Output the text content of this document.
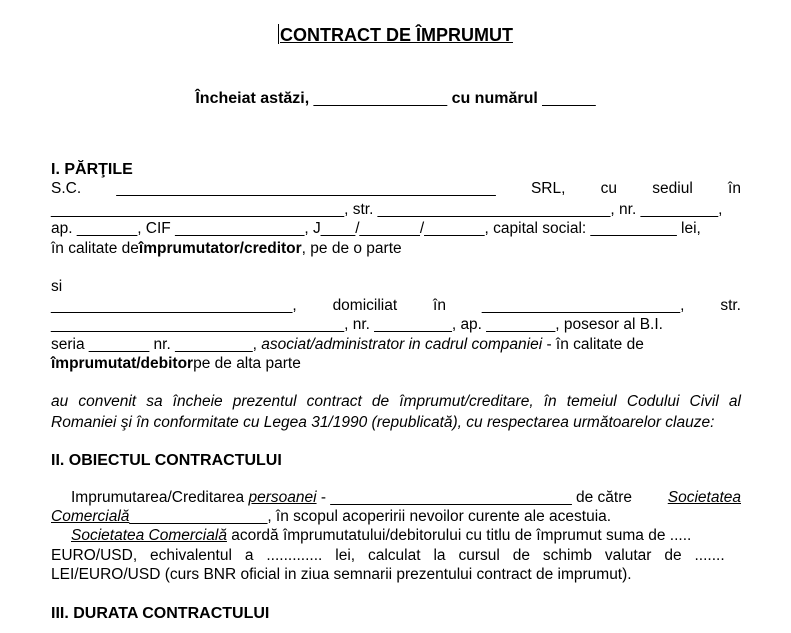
CONTRACT DE ÎMPRUMUT
Încheiat astăzi, _______________ cu numărul ______
I. PĂRŢILE
S.C. ____________________________________________ SRL, cu sediul în
__________________________________, str. ___________________________, nr. _________,
ap. _______, CIF _______________, J____/_______/_______, capital social: __________ lei,
în calitate de împrumutator/creditor , pe de o parte
si
____________________________, domiciliat în _______________________, str.
__________________________________, nr. _________, ap. ________, posesor al B.I.
seria _______ nr. _________, asociat/administrator in cadrul companiei - în calitate de
împrumutat/debitor pe de alta parte
au convenit sa încheie prezentul contract de împrumut/creditare, în temeiul Codului Civil al Romaniei şi în conformitate cu Legea 31/1990 (republicată), cu respectarea următoarelor clauze:
II. OBIECTUL CONTRACTULUI
Imprumutarea/Creditarea persoanei - ____________________________ de către Societatea
Comercială ________________, în scopul acoperirii nevoilor curente ale acestuia.
Societatea Comercială acordă împrumutatului/debitorului cu titlu de împrumut suma de .....
EURO/USD,   echivalentul   a   .............   lei,   calculat   la   cursul   de   schimb   valutar   de   .......
LEI/EURO/USD (curs BNR oficial in ziua semnarii prezentului contract de imprumut).
III. DURATA CONTRACTULUI
